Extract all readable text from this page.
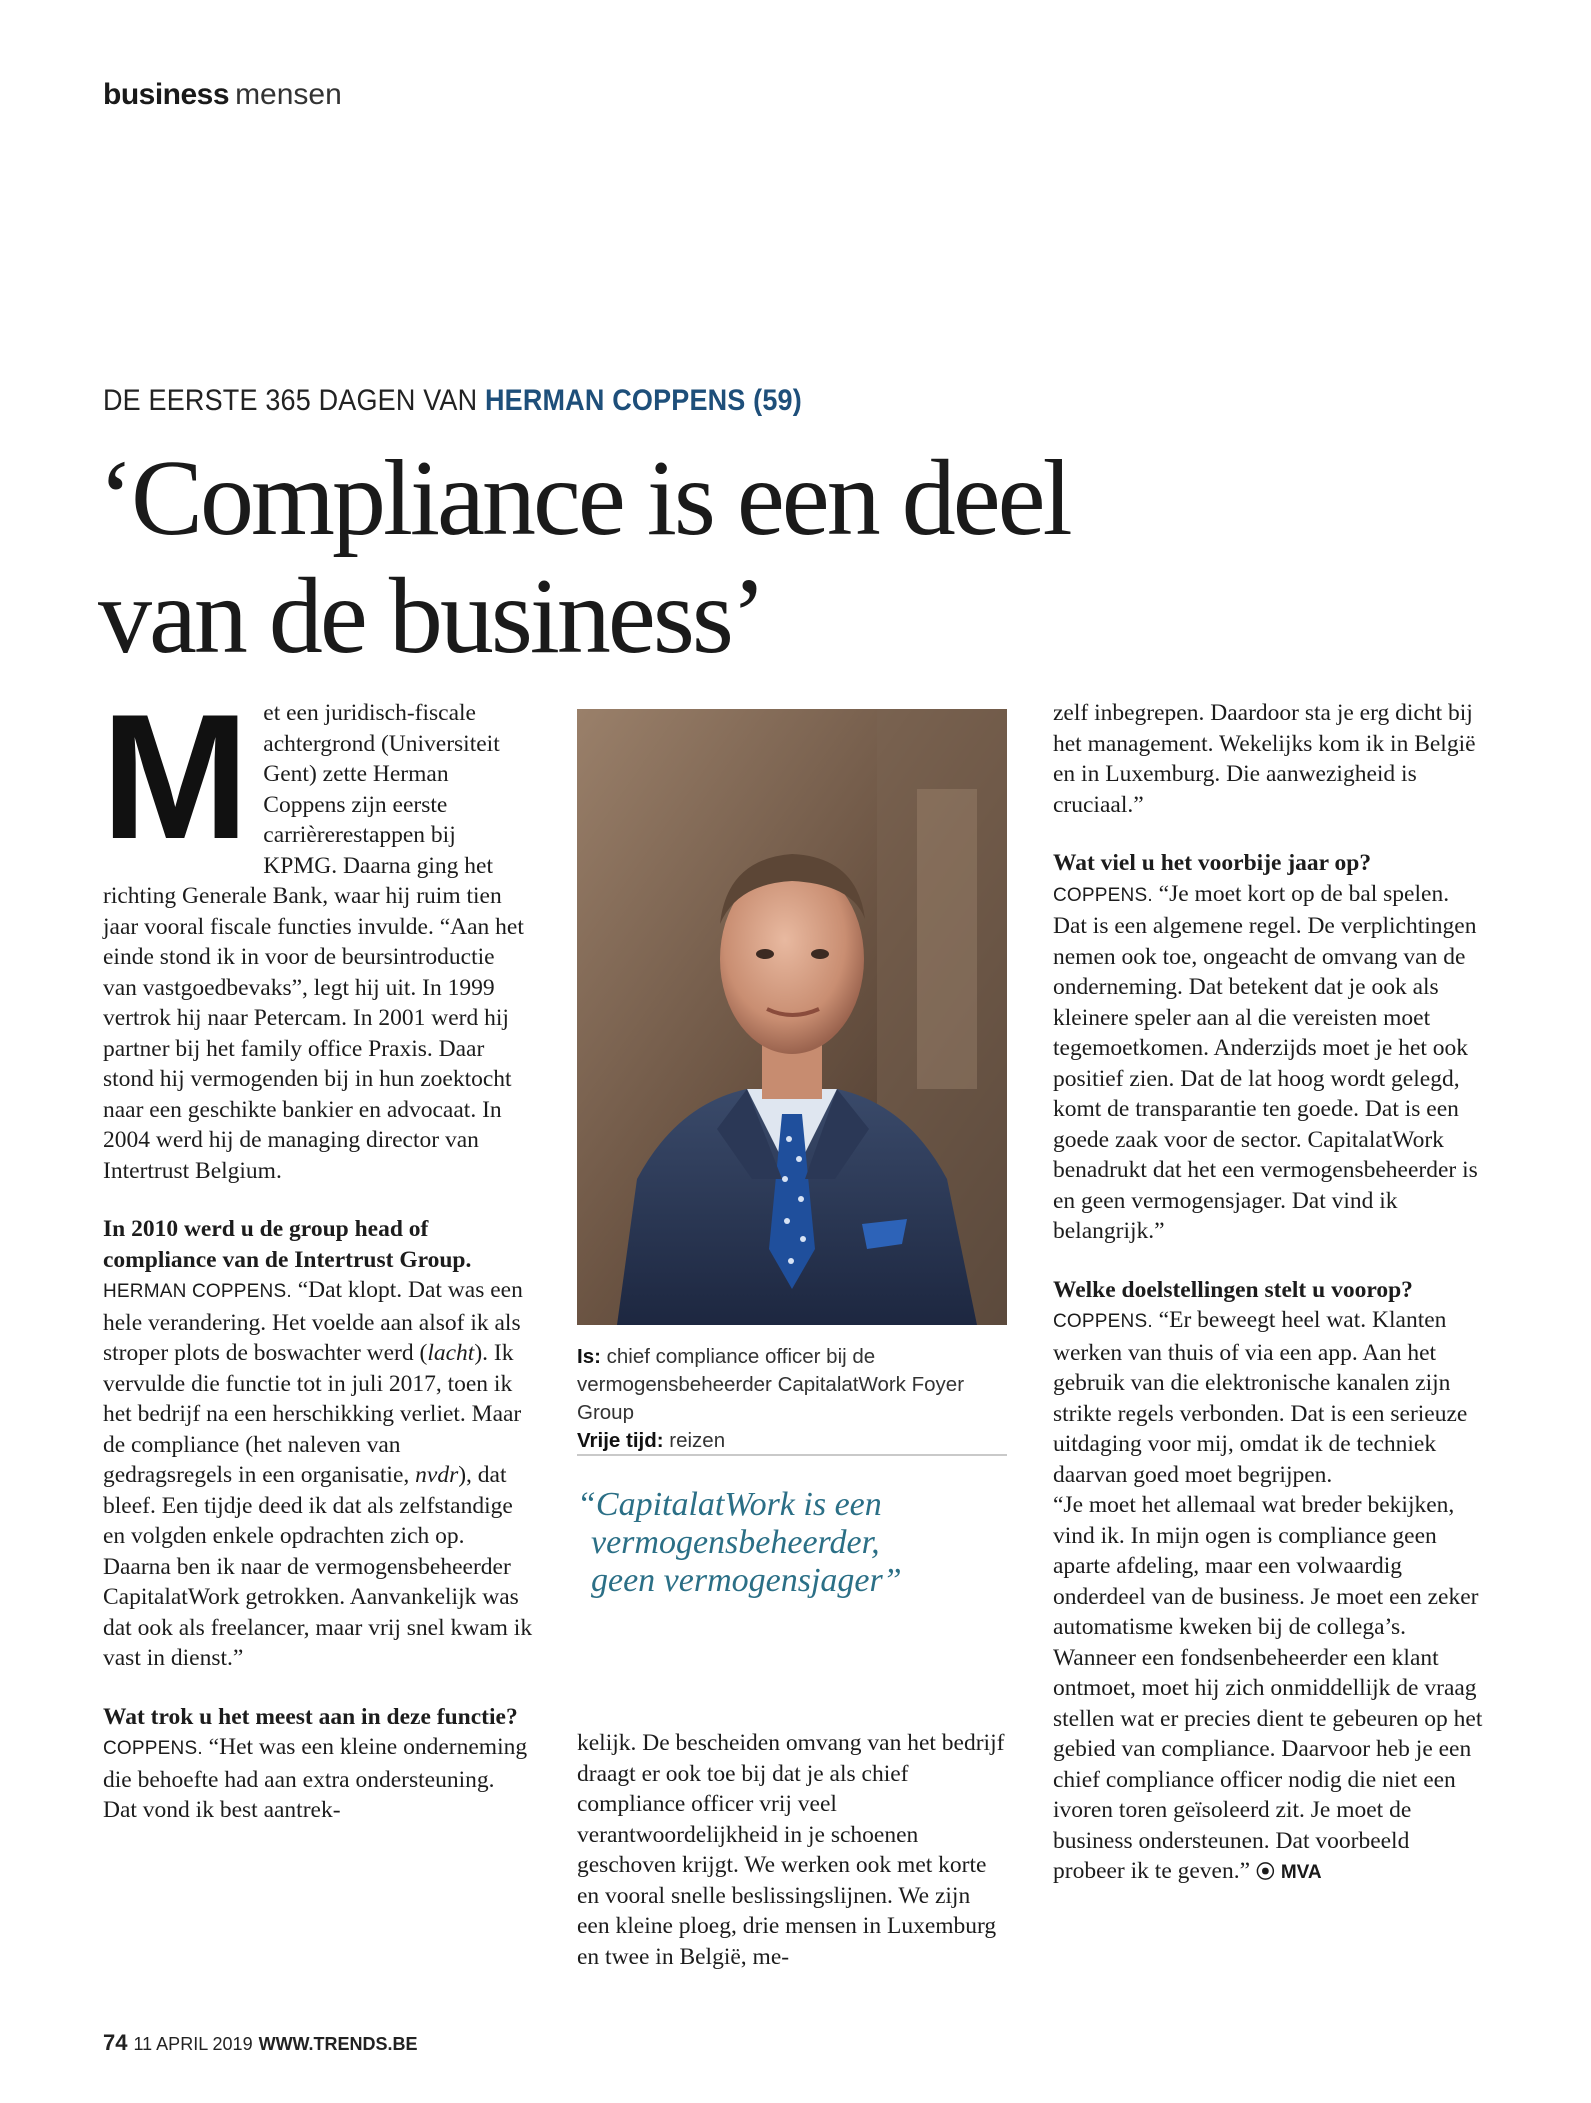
business mensen
DE EERSTE 365 DAGEN VAN HERMAN COPPENS (59)
‘Compliance is een deel
van de business’
M et een juridisch-fiscale achtergrond (Universiteit Gent) zette Herman Coppens zijn eerste carrièrerestappen bij KPMG. Daarna ging het richting Generale Bank, waar hij ruim tien jaar vooral fiscale functies invulde. “Aan het einde stond ik in voor de beursintroductie van vastgoedbevaks”, legt hij uit. In 1999 vertrok hij naar Petercam. In 2001 werd hij partner bij het family office Praxis. Daar stond hij vermogenden bij in hun zoektocht naar een geschikte bankier en advocaat. In 2004 werd hij de managing director van Intertrust Belgium.

In 2010 werd u de group head of compliance van de Intertrust Group.

HERMAN COPPENS. “Dat klopt. Dat was een hele verandering. Het voelde aan alsof ik als stroper plots de boswachter werd (lacht). Ik vervulde die functie tot in juli 2017, toen ik het bedrijf na een herschikking verliet. Maar de compliance (het naleven van gedragsregels in een organisatie, nvdr), dat bleef. Een tijdje deed ik dat als zelfstandige en volgden enkele opdrachten zich op. Daarna ben ik naar de vermogensbeheerder CapitalatWork getrokken. Aanvankelijk was dat ook als freelancer, maar vrij snel kwam ik vast in dienst.”

Wat trok u het meest aan in deze functie?

COPPENS. “Het was een kleine onderneming die behoefte had aan extra ondersteuning. Dat vond ik best aantrek-

Is: chief compliance officer bij de vermogensbeheerder CapitalatWork Foyer Group
Vrije tijd: reizen
“CapitalatWork is een
vermogensbeheerder,
geen vermogensjager”

kelijk. De bescheiden omvang van het bedrijf draagt er ook toe bij dat je als chief compliance officer vrij veel verantwoordelijkheid in je schoenen geschoven krijgt. We werken ook met korte en vooral snelle beslissingslijnen. We zijn een kleine ploeg, drie mensen in Luxemburg en twee in België, me-

zelf inbegrepen. Daardoor sta je erg dicht bij het management. Wekelijks kom ik in België en in Luxemburg. Die aanwezigheid is cruciaal.”

Wat viel u het voorbije jaar op?

COPPENS. “Je moet kort op de bal spelen. Dat is een algemene regel. De verplichtingen nemen ook toe, ongeacht de omvang van de onderneming. Dat betekent dat je ook als kleinere speler aan al die vereisten moet tegemoetkomen. Anderzijds moet je het ook positief zien. Dat de lat hoog wordt gelegd, komt de transparantie ten goede. Dat is een goede zaak voor de sector. CapitalatWork benadrukt dat het een vermogensbeheerder is en geen vermogensjager. Dat vind ik belangrijk.”

Welke doelstellingen stelt u voorop?

COPPENS. “Er beweegt heel wat. Klanten werken van thuis of via een app. Aan het gebruik van die elektronische kanalen zijn strikte regels verbonden. Dat is een serieuze uitdaging voor mij, omdat ik de techniek daarvan goed moet begrijpen.

“Je moet het allemaal wat breder bekijken, vind ik. In mijn ogen is compliance geen aparte afdeling, maar een volwaardig onderdeel van de business. Je moet een zeker automatisme kweken bij de collega’s. Wanneer een fondsenbeheerder een klant ontmoet, moet hij zich onmiddellijk de vraag stellen wat er precies dient te gebeuren op het gebied van compliance. Daarvoor heb je een chief compliance officer nodig die niet een ivoren toren geïsoleerd zit. Je moet de business ondersteunen. Dat voorbeeld probeer ik te geven.” ⦿ MVA

74 11 APRIL 2019 WWW.TRENDS.BE
